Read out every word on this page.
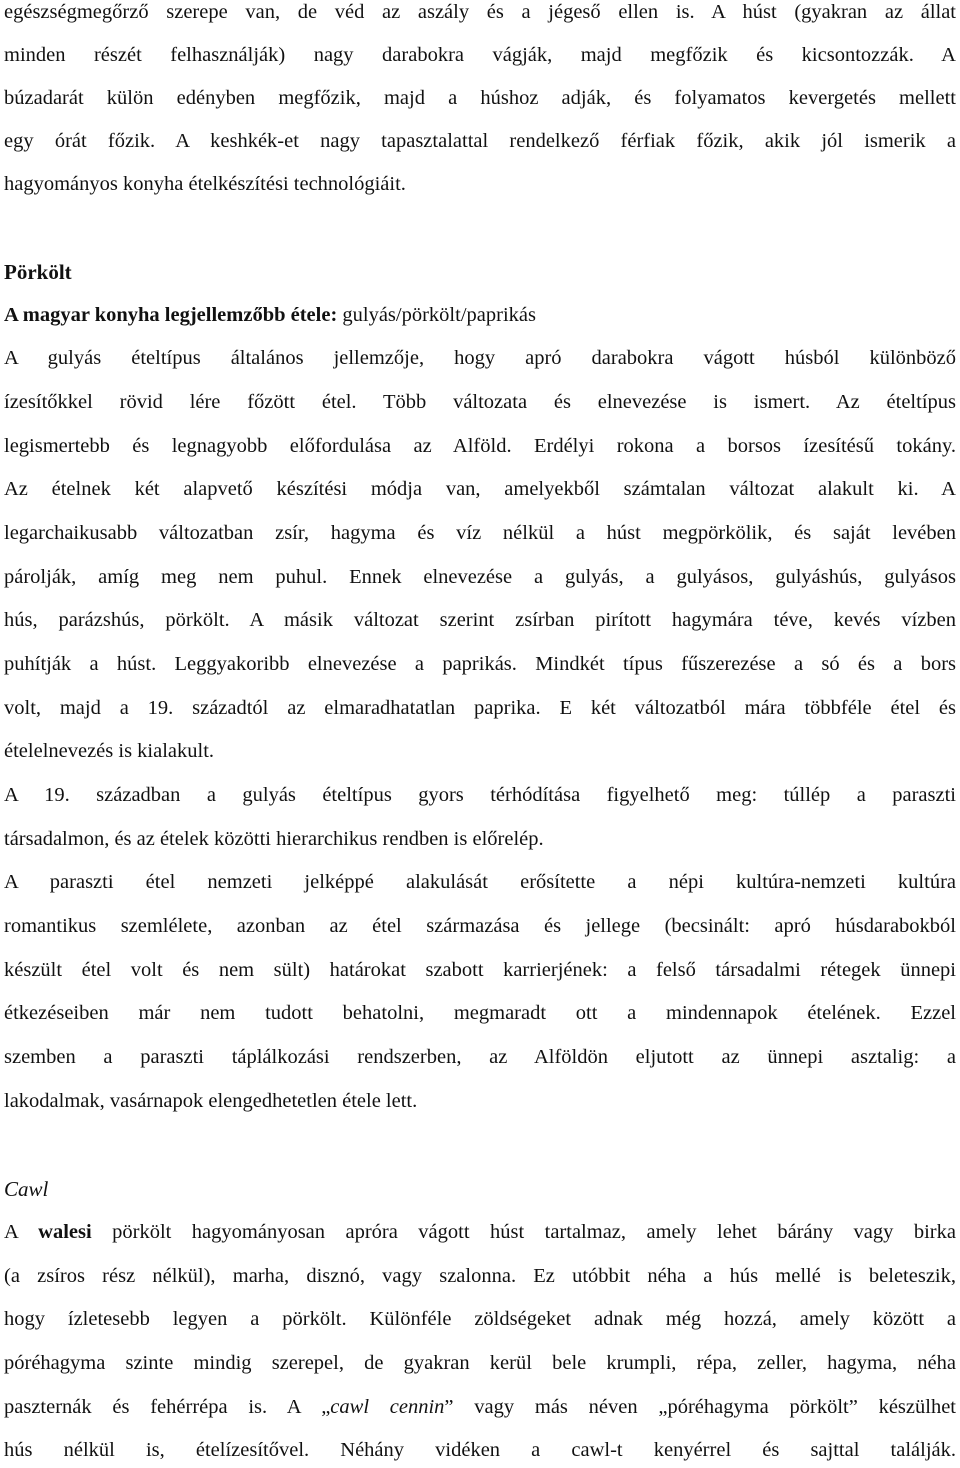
egészségmegőrző szerepe van, de véd az aszály és a jégeső ellen is. A húst (gyakran az állat
minden részét felhasználják) nagy darabokra vágják, majd megfőzik és kicsontozzák. A
búzadarát külön edényben megfőzik, majd a húshoz adják, és folyamatos kevergetés mellett
egy órát főzik. A keshkék-et nagy tapasztalattal rendelkező férfiak főzik, akik jól ismerik a
hagyományos konyha ételkészítési technológiáit.
Pörkölt
A magyar konyha legjellemzőbb étele: gulyás/pörkölt/paprikás
A gulyás ételtípus általános jellemzője, hogy apró darabokra vágott húsból különböző
ízesítőkkel rövid lére főzött étel. Több változata és elnevezése is ismert. Az ételtípus
legismertebb és legnagyobb előfordulása az Alföld. Erdélyi rokona a borsos ízesítésű tokány.
Az ételnek két alapvető készítési módja van, amelyekből számtalan változat alakult ki. A
legarchaikusabb változatban zsír, hagyma és víz nélkül a húst megpörkölik, és saját levében
párolják, amíg meg nem puhul. Ennek elnevezése a gulyás, a gulyásos, gulyáshús, gulyásos
hús, parázshús, pörkölt. A másik változat szerint zsírban pirított hagymára téve, kevés vízben
puhítják a húst. Leggyakoribb elnevezése a paprikás. Mindkét típus fűszerezése a só és a bors
volt, majd a 19. századtól az elmaradhatatlan paprika. E két változatból mára többféle étel és
ételelnevezés is kialakult.
A 19. században a gulyás ételtípus gyors térhódítása figyelhető meg: túllép a paraszti
társadalmon, és az ételek közötti hierarchikus rendben is előrelép.
A paraszti étel nemzeti jelképpé alakulását erősítette a népi kultúra-nemzeti kultúra
romantikus szemlélete, azonban az étel származása és jellege (becsinált: apró húsdarabokból
készült étel volt és nem sült) határokat szabott karrierjének: a felső társadalmi rétegek ünnepi
étkezéseiben már nem tudott behatolni, megmaradt ott a mindennapok ételének. Ezzel
szemben a paraszti táplálkozási rendszerben, az Alföldön eljutott az ünnepi asztalig: a
lakodalmak, vasárnapok elengedhetetlen étele lett.
Cawl
A walesi pörkölt hagyományosan apróra vágott húst tartalmaz, amely lehet bárány vagy birka
(a zsíros rész nélkül), marha, disznó, vagy szalonna. Ez utóbbit néha a hús mellé is beleteszik,
hogy ízletesebb legyen a pörkölt. Különféle zöldségeket adnak még hozzá, amely között a
póréhagyma szinte mindig szerepel, de gyakran kerül bele krumpli, répa, zeller, hagyma, néha
paszternák és fehérrépa is. A „cawl cennin” vagy más néven „póréhagyma pörkölt” készülhet
hús nélkül is, ételízesítővel. Néhány vidéken a cawl-t kenyérrel és sajttal találják.
